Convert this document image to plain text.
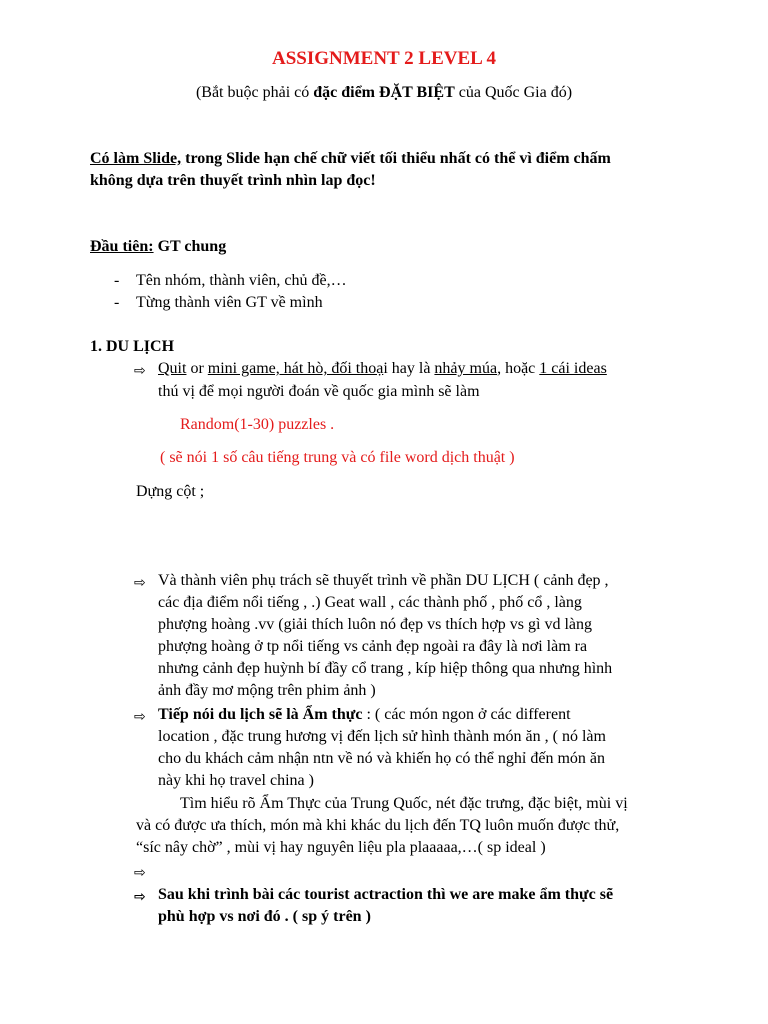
ASSIGNMENT 2 LEVEL 4
(Bắt buộc phải có đặc điểm ĐẶT BIỆT của Quốc Gia đó)
Có làm Slide, trong Slide hạn chế chữ viết tối thiểu nhất có thể vì điểm chấm
không dựa trên thuyết trình nhìn lap đọc!
Đầu tiên: GT chung
- Tên nhóm, thành viên, chủ đề,…
- Từng thành viên GT về mình
1. DU LỊCH
⇨ Quit or mini game, hát hò, đối thoại hay là nhảy múa, hoặc 1 cái ideas
thú vị để mọi người đoán về quốc gia mình sẽ làm
Random(1-30) puzzles .
( sẽ nói 1 số câu tiếng trung và có file word dịch thuật )
Dựng cột ;
⇨ Và thành viên phụ trách sẽ thuyết trình về phần DU LỊCH ( cảnh đẹp ,
các địa điểm nổi tiếng , .) Geat wall , các thành phố , phố cổ , làng
phượng hoàng .vv (giải thích luôn nó đẹp vs thích hợp vs gì vd làng
phượng hoàng ở tp nổi tiếng vs cảnh đẹp ngoài ra đây là nơi làm ra
nhưng cảnh đẹp huỳnh bí đầy cổ trang , kíp hiệp thông qua nhưng hình
ảnh đầy mơ mộng trên phim ảnh )
⇨ Tiếp nói du lịch sẽ là Ẩm thực : ( các món ngon ở các different
location , đặc trung hương vị đến lịch sử hình thành món ăn , ( nó làm
cho du khách cảm nhận ntn về nó và khiến họ có thể nghỉ đến món ăn
này khi họ travel china )
Tìm hiểu rõ Ẩm Thực của Trung Quốc, nét đặc trưng, đặc biệt, mùi vị
và có được ưa thích, món mà khi khác du lịch đến TQ luôn muốn được thử,
“síc nây chờ” , mùi vị hay nguyên liệu pla plaaaaa,…( sp ideal )
⇨
⇨ Sau khi trình bài các tourist actraction thì we are make ẩm thực sẽ
phù hợp vs nơi đó . ( sp ý trên )
